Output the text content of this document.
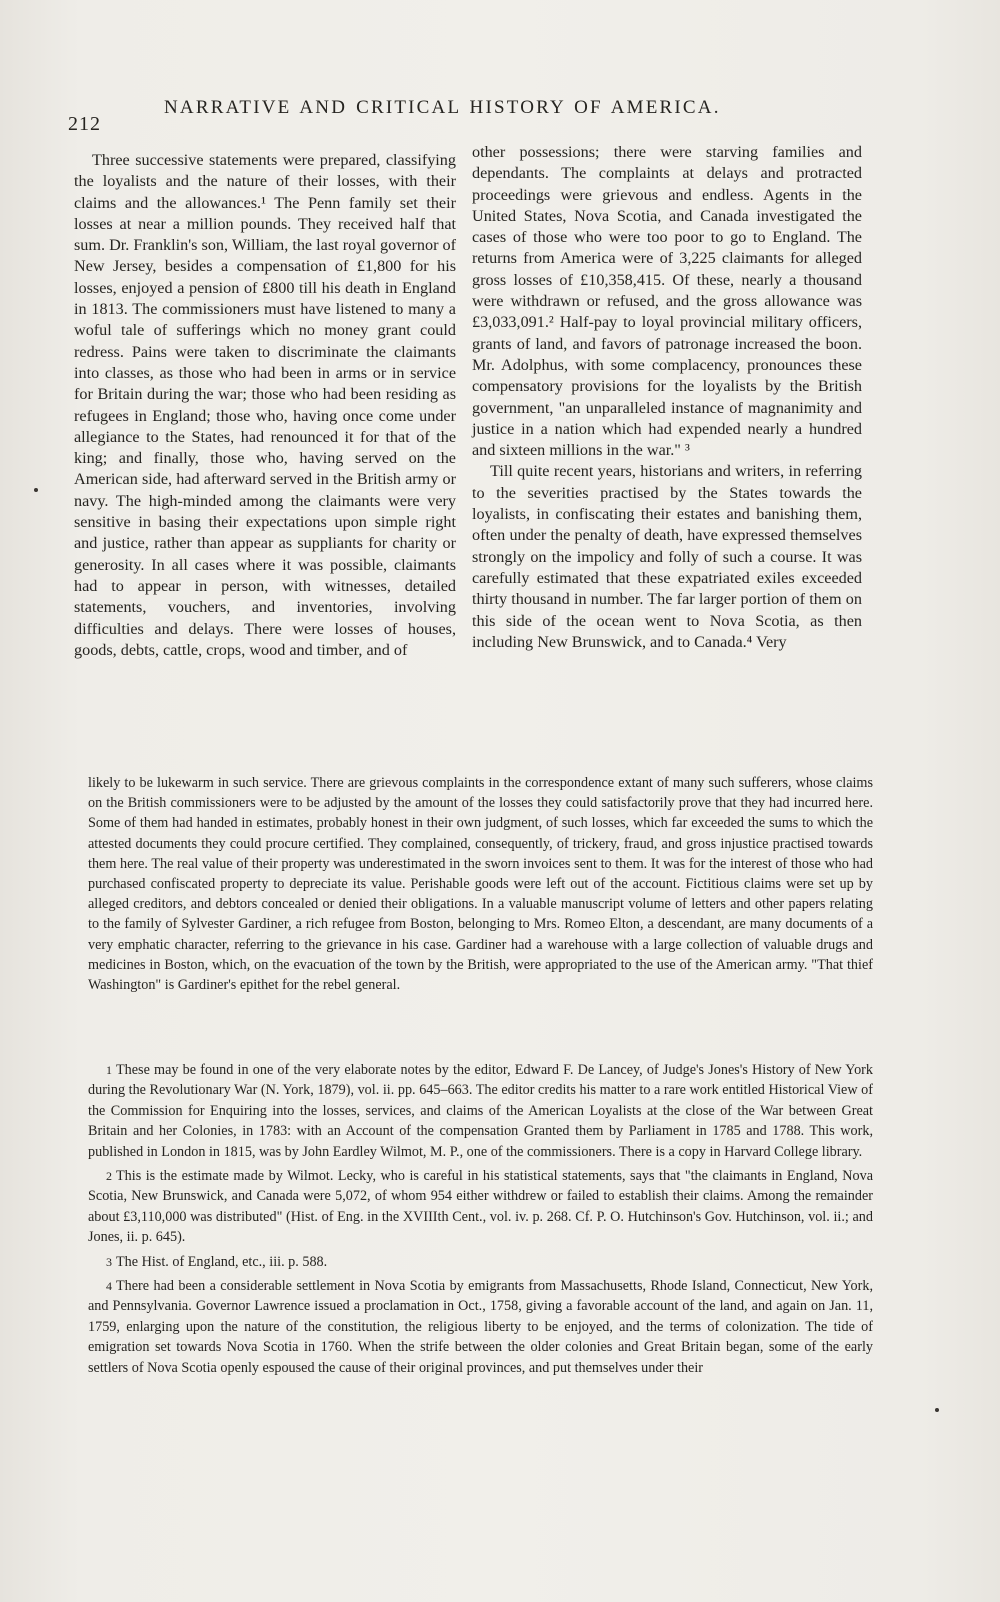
212
NARRATIVE AND CRITICAL HISTORY OF AMERICA.

Three successive statements were prepared, classifying the loyalists and the nature of their losses, with their claims and the allowances.¹ The Penn family set their losses at near a million pounds. They received half that sum. Dr. Franklin's son, William, the last royal governor of New Jersey, besides a compensation of £1,800 for his losses, enjoyed a pension of £800 till his death in England in 1813. The commissioners must have listened to many a woful tale of sufferings which no money grant could redress. Pains were taken to discriminate the claimants into classes, as those who had been in arms or in service for Britain during the war; those who had been residing as refugees in England; those who, having once come under allegiance to the States, had renounced it for that of the king; and finally, those who, having served on the American side, had afterward served in the British army or navy. The high-minded among the claimants were very sensitive in basing their expectations upon simple right and justice, rather than appear as suppliants for charity or generosity. In all cases where it was possible, claimants had to appear in person, with witnesses, detailed statements, vouchers, and inventories, involving difficulties and delays. There were losses of houses, goods, debts, cattle, crops, wood and timber, and of

other possessions; there were starving families and dependants. The complaints at delays and protracted proceedings were grievous and endless. Agents in the United States, Nova Scotia, and Canada investigated the cases of those who were too poor to go to England. The returns from America were of 3,225 claimants for alleged gross losses of £10,358,415. Of these, nearly a thousand were withdrawn or refused, and the gross allowance was £3,033,091.² Half-pay to loyal provincial military officers, grants of land, and favors of patronage increased the boon. Mr. Adolphus, with some complacency, pronounces these compensatory provisions for the loyalists by the British government, "an unparalleled instance of magnanimity and justice in a nation which had expended nearly a hundred and sixteen millions in the war." ³

Till quite recent years, historians and writers, in referring to the severities practised by the States towards the loyalists, in confiscating their estates and banishing them, often under the penalty of death, have expressed themselves strongly on the impolicy and folly of such a course. It was carefully estimated that these expatriated exiles exceeded thirty thousand in number. The far larger portion of them on this side of the ocean went to Nova Scotia, as then including New Brunswick, and to Canada.⁴ Very

likely to be lukewarm in such service. There are grievous complaints in the correspondence extant of many such sufferers, whose claims on the British commissioners were to be adjusted by the amount of the losses they could satisfactorily prove that they had incurred here. Some of them had handed in estimates, probably honest in their own judgment, of such losses, which far exceeded the sums to which the attested documents they could procure certified. They complained, consequently, of trickery, fraud, and gross injustice practised towards them here. The real value of their property was underestimated in the sworn invoices sent to them. It was for the interest of those who had purchased confiscated property to depreciate its value. Perishable goods were left out of the account. Fictitious claims were set up by alleged creditors, and debtors concealed or denied their obligations. In a valuable manuscript volume of letters and other papers relating to the family of Sylvester Gardiner, a rich refugee from Boston, belonging to Mrs. Romeo Elton, a descendant, are many documents of a very emphatic character, referring to the grievance in his case. Gardiner had a warehouse with a large collection of valuable drugs and medicines in Boston, which, on the evacuation of the town by the British, were appropriated to the use of the American army. "That thief Washington" is Gardiner's epithet for the rebel general.

1 These may be found in one of the very elaborate notes by the editor, Edward F. De Lancey, of Judge's Jones's History of New York during the Revolutionary War (N. York, 1879), vol. ii. pp. 645–663. The editor credits his matter to a rare work entitled Historical View of the Commission for Enquiring into the losses, services, and claims of the American Loyalists at the close of the War between Great Britain and her Colonies, in 1783: with an Account of the compensation Granted them by Parliament in 1785 and 1788. This work, published in London in 1815, was by John Eardley Wilmot, M. P., one of the commissioners. There is a copy in Harvard College library.

2 This is the estimate made by Wilmot. Lecky, who is careful in his statistical statements, says that "the claimants in England, Nova Scotia, New Brunswick, and Canada were 5,072, of whom 954 either withdrew or failed to establish their claims. Among the remainder about £3,110,000 was distributed" (Hist. of Eng. in the XVIIIth Cent., vol. iv. p. 268. Cf. P. O. Hutchinson's Gov. Hutchinson, vol. ii.; and Jones, ii. p. 645).

3 The Hist. of England, etc., iii. p. 588.

4 There had been a considerable settlement in Nova Scotia by emigrants from Massachusetts, Rhode Island, Connecticut, New York, and Pennsylvania. Governor Lawrence issued a proclamation in Oct., 1758, giving a favorable account of the land, and again on Jan. 11, 1759, enlarging upon the nature of the constitution, the religious liberty to be enjoyed, and the terms of colonization. The tide of emigration set towards Nova Scotia in 1760. When the strife between the older colonies and Great Britain began, some of the early settlers of Nova Scotia openly espoused the cause of their original provinces, and put themselves under their
